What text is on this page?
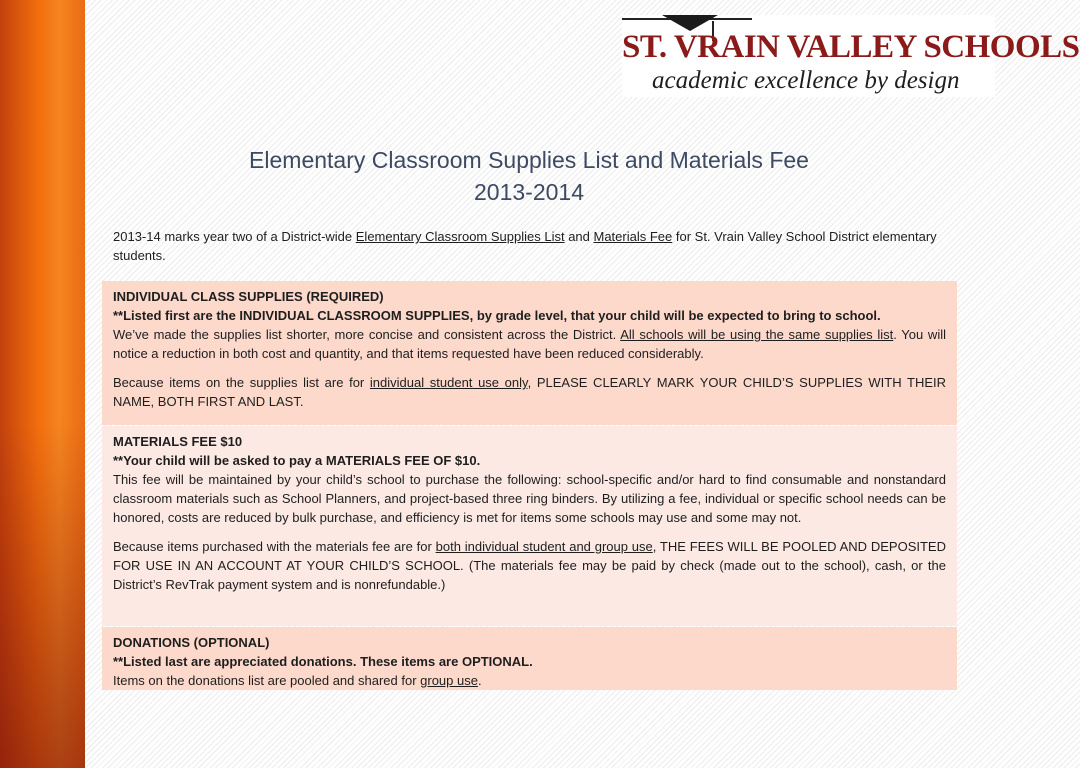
ST. VRAIN VALLEY SCHOOLS
academic excellence by design
Elementary Classroom Supplies List and Materials Fee
2013-2014
2013-14 marks year two of a District-wide Elementary Classroom Supplies List and Materials Fee for St. Vrain Valley School District elementary students.

INDIVIDUAL CLASS SUPPLIES (REQUIRED)
**Listed first are the INDIVIDUAL CLASSROOM SUPPLIES, by grade level, that your child will be expected to bring to school.
We’ve made the supplies list shorter, more concise and consistent across the District. All schools will be using the same supplies list. You will notice a reduction in both cost and quantity, and that items requested have been reduced considerably.

Because items on the supplies list are for individual student use only, PLEASE CLEARLY MARK YOUR CHILD’S SUPPLIES WITH THEIR NAME, BOTH FIRST AND LAST.

MATERIALS FEE $10
**Your child will be asked to pay a MATERIALS FEE OF $10.
This fee will be maintained by your child’s school to purchase the following: school-specific and/or hard to find consumable and nonstandard classroom materials such as School Planners, and project-based three ring binders. By utilizing a fee, individual or specific school needs can be honored, costs are reduced by bulk purchase, and efficiency is met for items some schools may use and some may not.

Because items purchased with the materials fee are for both individual student and group use, THE FEES WILL BE POOLED AND DEPOSITED FOR USE IN AN ACCOUNT AT YOUR CHILD’S SCHOOL. (The materials fee may be paid by check (made out to the school), cash, or the District’s RevTrak payment system and is nonrefundable.)

DONATIONS (OPTIONAL)
**Listed last are appreciated donations. These items are OPTIONAL.
Items on the donations list are pooled and shared for group use.
